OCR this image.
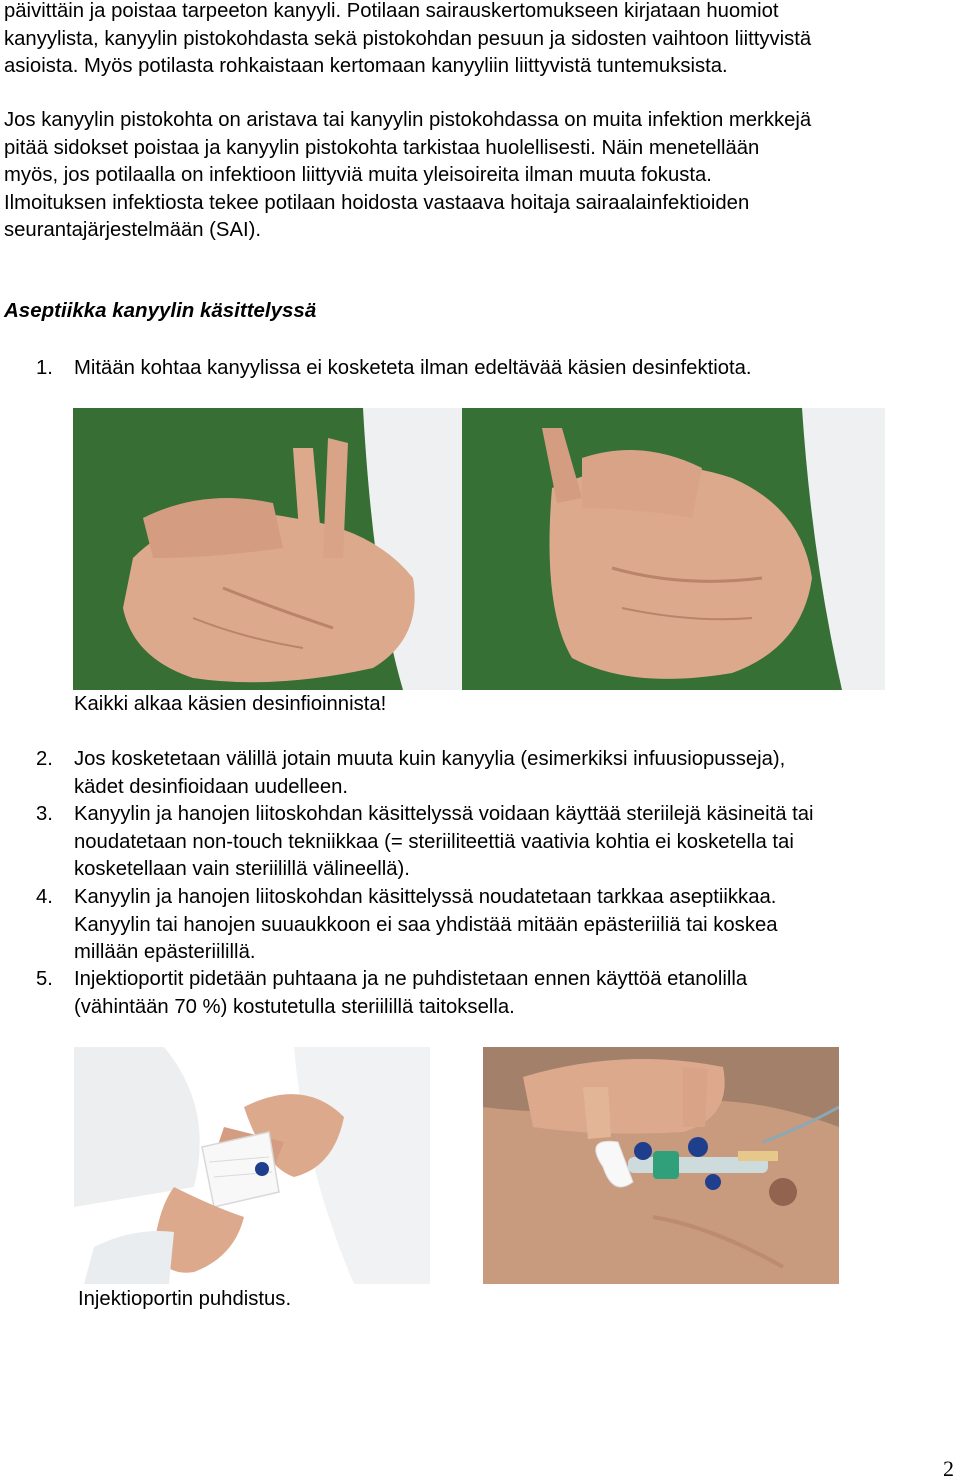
päivittäin ja poistaa tarpeeton kanyyli. Potilaan sairauskertomukseen kirjataan huomiot
kanyylista, kanyylin pistokohdasta sekä pistokohdan pesuun ja sidosten vaihtoon liittyvistä
asioista. Myös potilasta rohkaistaan kertomaan kanyyliin liittyvistä tuntemuksista.
Jos kanyylin pistokohta on aristava tai kanyylin pistokohdassa on muita infektion merkkejä
pitää sidokset poistaa ja kanyylin pistokohta tarkistaa huolellisesti. Näin menetellään
myös, jos potilaalla on infektioon liittyviä muita yleisoireita ilman muuta fokusta.
Ilmoituksen infektiosta tekee potilaan hoidosta vastaava hoitaja sairaalainfektioiden
seurantajärjestelmään (SAI).
Aseptiikka kanyylin käsittelyssä
1. Mitään kohtaa kanyylissa ei kosketeta ilman edeltävää käsien desinfektiota.
Kaikki alkaa käsien desinfioinnista!
2. Jos kosketetaan välillä jotain muuta kuin kanyylia (esimerkiksi infuusiopusseja),
kädet desinfioidaan uudelleen.
3. Kanyylin ja hanojen liitoskohdan käsittelyssä voidaan käyttää steriilejä käsineitä tai
noudatetaan non-touch tekniikkaa (= steriiliteettiä vaativia kohtia ei kosketella tai
kosketellaan vain steriilillä välineellä).
4. Kanyylin ja hanojen liitoskohdan käsittelyssä noudatetaan tarkkaa aseptiikkaa.
Kanyylin tai hanojen suuaukkoon ei saa yhdistää mitään epästeriiliä tai koskea
millään epästeriilillä.
5. Injektioportit pidetään puhtaana ja ne puhdistetaan ennen käyttöä etanolilla
(vähintään 70 %) kostutetulla steriilillä taitoksella.
Injektioportin puhdistus.
2
